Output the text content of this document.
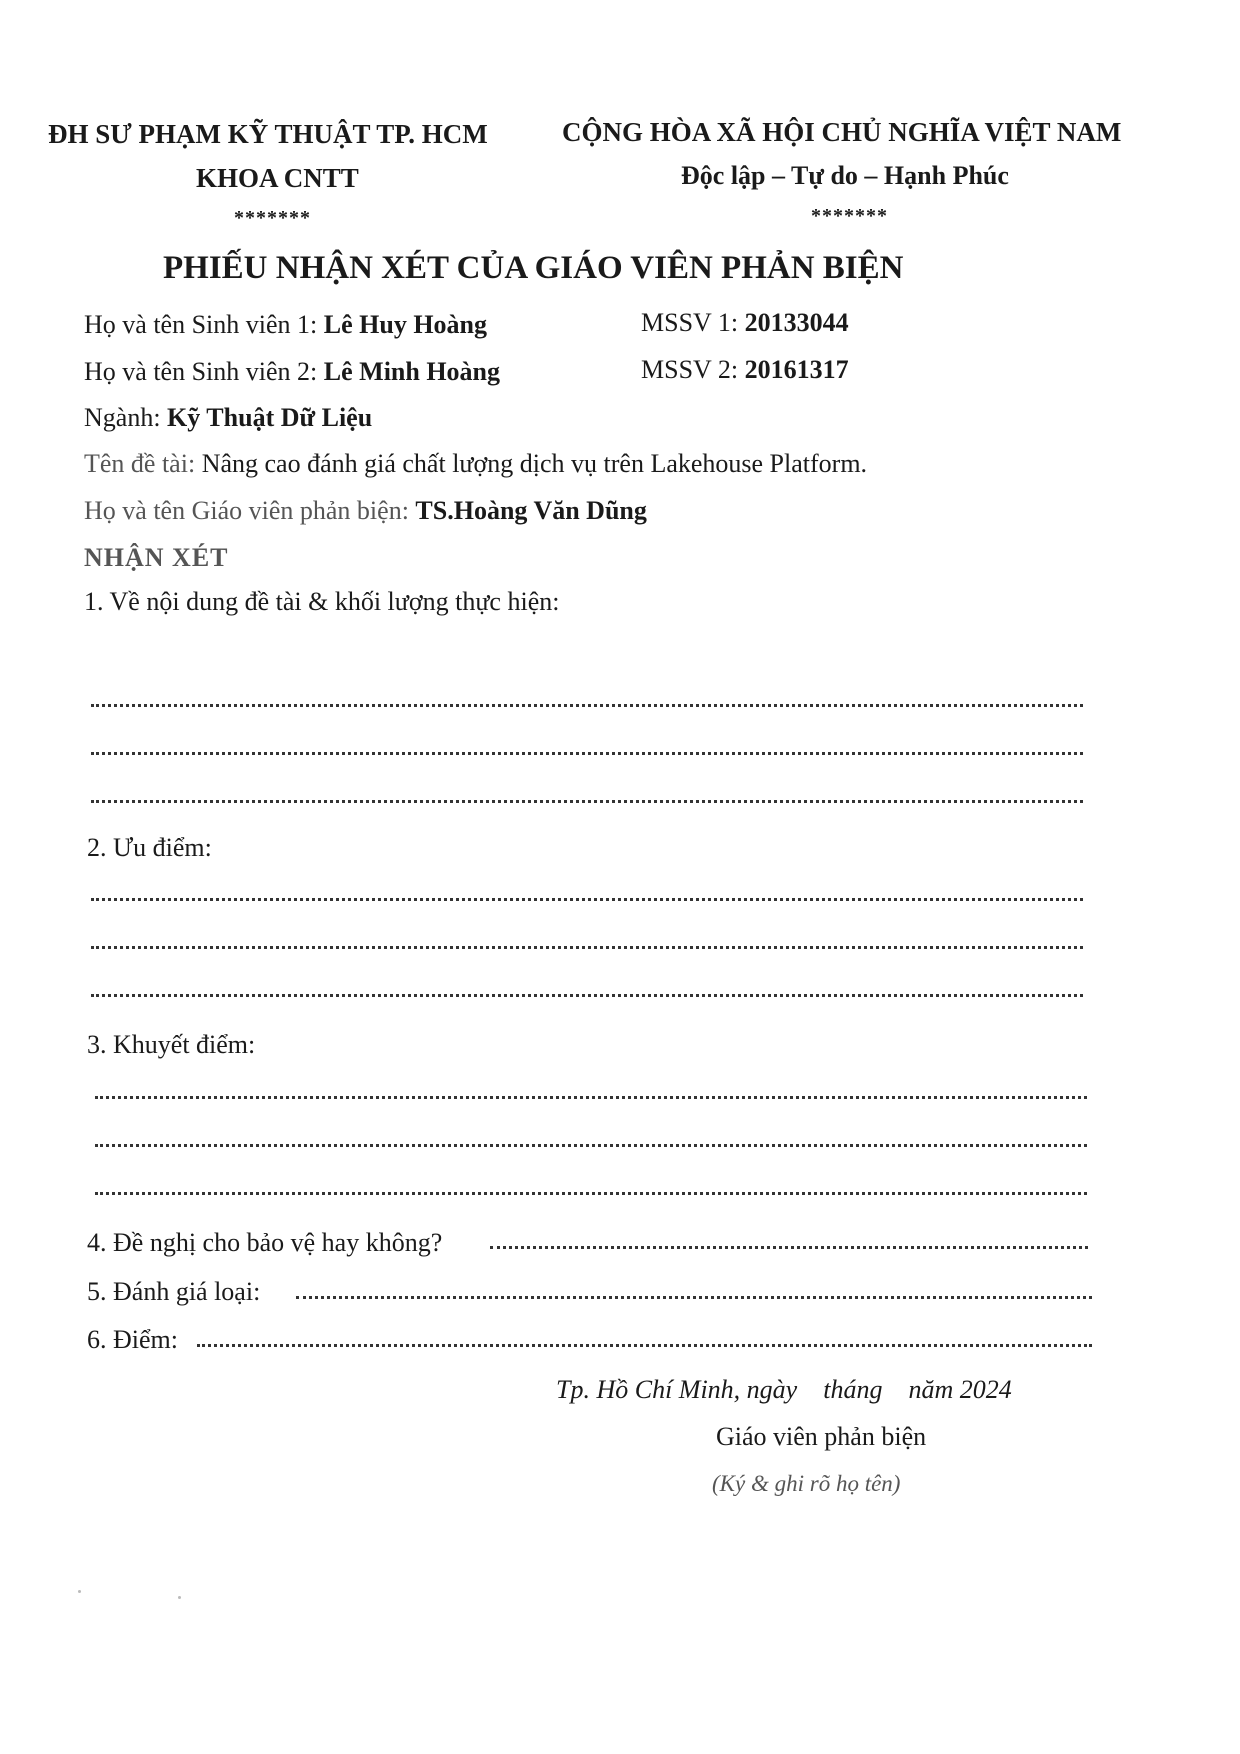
ĐH SƯ PHẠM KỸ THUẬT TP. HCM
KHOA CNTT
*******
CỘNG HÒA XÃ HỘI CHỦ NGHĨA VIỆT NAM
Độc lập – Tự do – Hạnh Phúc
*******
PHIẾU NHẬN XÉT CỦA GIÁO VIÊN PHẢN BIỆN
Họ và tên Sinh viên 1: Lê Huy Hoàng	MSSV 1: 20133044
Họ và tên Sinh viên 2: Lê Minh Hoàng	MSSV 2: 20161317
Ngành: Kỹ Thuật Dữ Liệu
Tên đề tài: Nâng cao đánh giá chất lượng dịch vụ trên Lakehouse Platform.
Họ và tên Giáo viên phản biện: TS.Hoàng Văn Dũng
NHẬN XÉT
1. Về nội dung đề tài & khối lượng thực hiện:
2. Ưu điểm:
3. Khuyết điểm:
4. Đề nghị cho bảo vệ hay không?
5. Đánh giá loại:
6. Điểm:
Tp. Hồ Chí Minh, ngày    tháng    năm 2024
Giáo viên phản biện
(Ký & ghi rõ họ tên)
